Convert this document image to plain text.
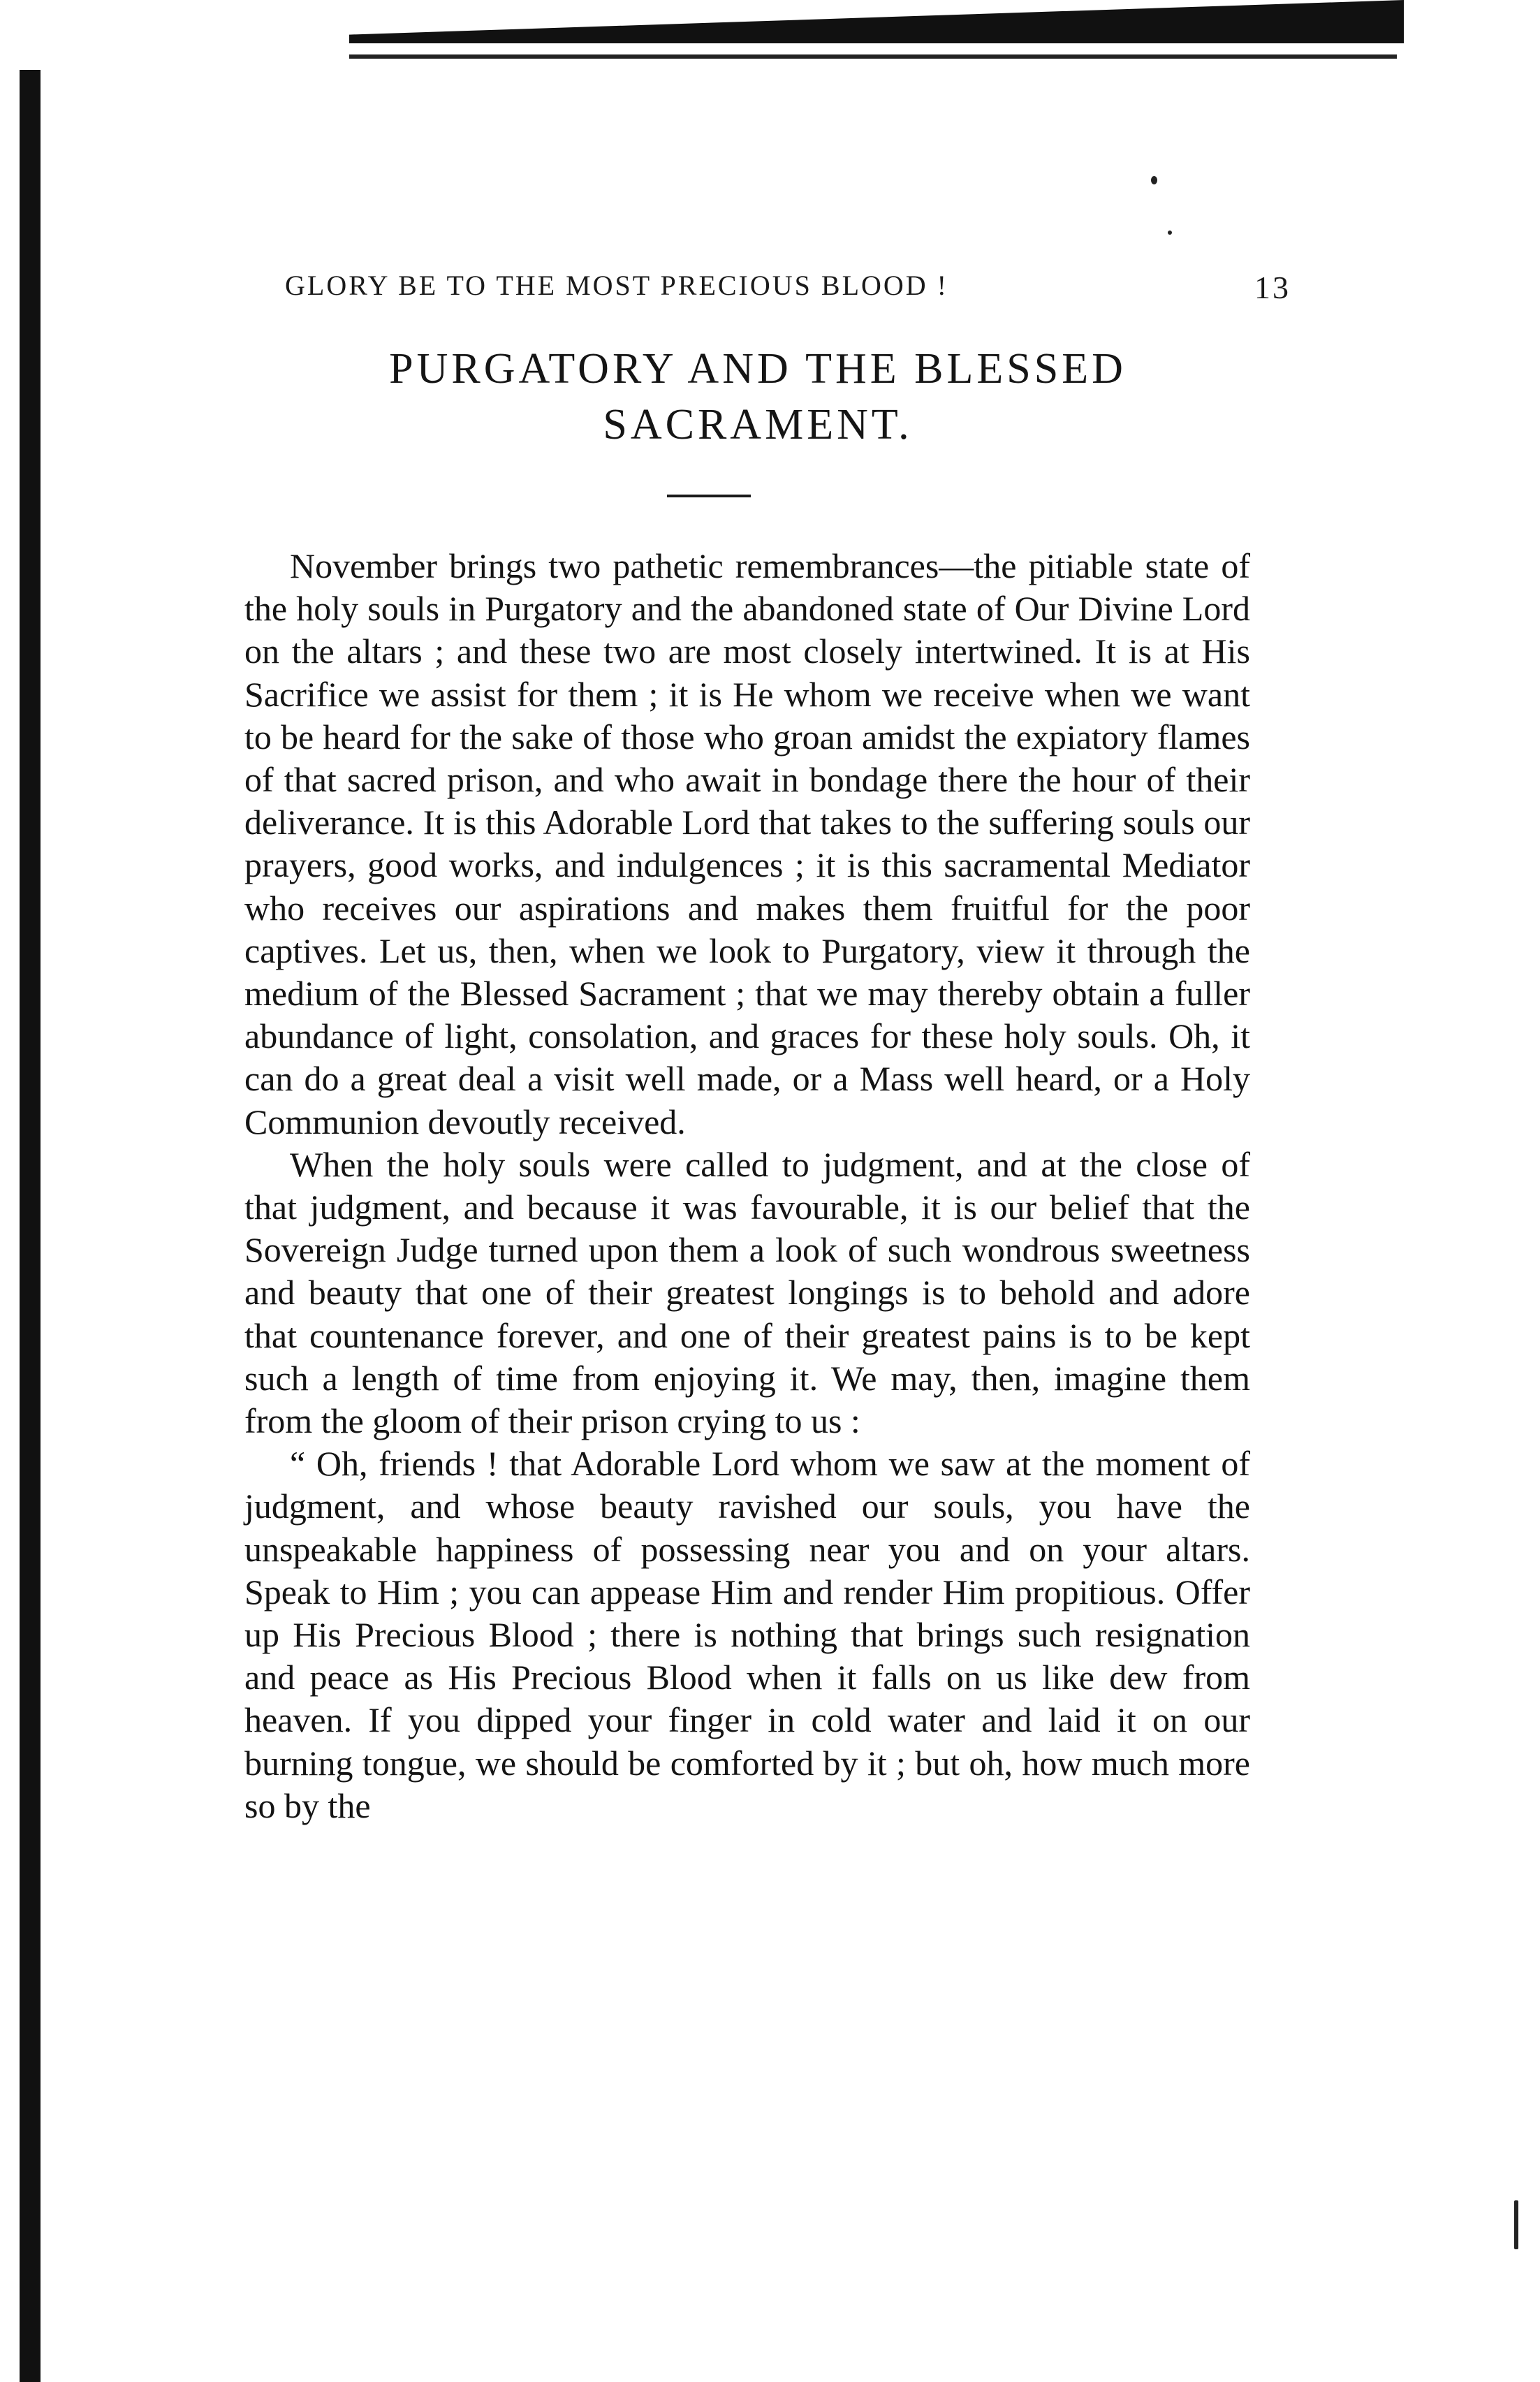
GLORY BE TO THE MOST PRECIOUS BLOOD !	13
PURGATORY AND THE BLESSED
SACRAMENT.

November brings two pathetic remembrances—the pitiable state of the holy souls in Purgatory and the abandoned state of Our Divine Lord on the altars ; and these two are most closely intertwined. It is at His Sacrifice we assist for them ; it is He whom we receive when we want to be heard for the sake of those who groan amidst the expiatory flames of that sacred prison, and who await in bondage there the hour of their deliverance. It is this Adorable Lord that takes to the suffering souls our prayers, good works, and indulgences ; it is this sacramental Mediator who receives our aspirations and makes them fruitful for the poor captives. Let us, then, when we look to Purgatory, view it through the medium of the Blessed Sacrament ; that we may thereby obtain a fuller abundance of light, consolation, and graces for these holy souls. Oh, it can do a great deal a visit well made, or a Mass well heard, or a Holy Communion devoutly received.

When the holy souls were called to judgment, and at the close of that judgment, and because it was favourable, it is our belief that the Sovereign Judge turned upon them a look of such wondrous sweetness and beauty that one of their greatest longings is to behold and adore that countenance forever, and one of their greatest pains is to be kept such a length of time from enjoying it. We may, then, imagine them from the gloom of their prison crying to us :

“ Oh, friends ! that Adorable Lord whom we saw at the moment of judgment, and whose beauty ravished our souls, you have the unspeakable happiness of possessing near you and on your altars. Speak to Him ; you can appease Him and render Him propitious. Offer up His Precious Blood ; there is nothing that brings such resignation and peace as His Precious Blood when it falls on us like dew from heaven. If you dipped your finger in cold water and laid it on our burning tongue, we should be comforted by it ; but oh, how much more so by the
